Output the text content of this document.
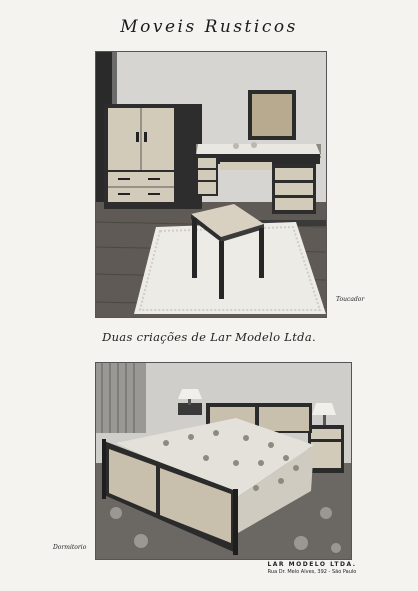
Moveis Rusticos
Toucador
Duas criações de Lar Modelo Ltda.
Dormitorio
LAR MODELO LTDA.
Rua Dr. Melo Alves, 392 - São Paulo
